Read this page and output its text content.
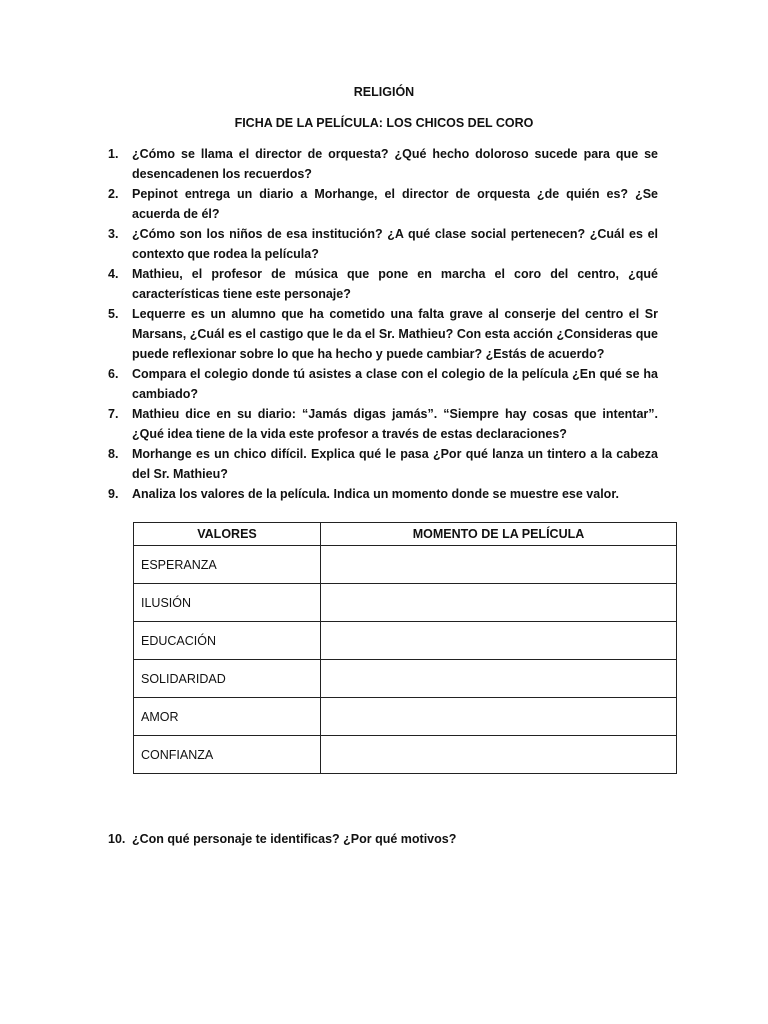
RELIGIÓN
FICHA DE LA PELÍCULA: LOS CHICOS DEL CORO
1. ¿Cómo se llama el director de orquesta? ¿Qué hecho doloroso sucede para que se desencadenen los recuerdos?
2. Pepinot entrega un diario a Morhange, el director de orquesta ¿de quién es? ¿Se acuerda de él?
3. ¿Cómo son los niños de esa institución? ¿A qué clase social pertenecen? ¿Cuál es el contexto que rodea la película?
4. Mathieu, el profesor de música que pone en marcha el coro del centro, ¿qué características tiene este personaje?
5. Lequerre es un alumno que ha cometido una falta grave al conserje del centro el Sr Marsans, ¿Cuál es el castigo que le da el Sr. Mathieu? Con esta acción ¿Consideras que puede reflexionar sobre lo que ha hecho y puede cambiar? ¿Estás de acuerdo?
6. Compara el colegio donde tú asistes a clase con el colegio de la película ¿En qué se ha cambiado?
7. Mathieu dice en su diario: “Jamás digas jamás”. “Siempre hay cosas que intentar”. ¿Qué idea tiene de la vida este profesor a través de estas declaraciones?
8. Morhange es un chico difícil. Explica qué le pasa ¿Por qué lanza un tintero a la cabeza del Sr. Mathieu?
9. Analiza los valores de la película. Indica un momento donde se muestre ese valor.
VALORES	MOMENTO DE LA PELÍCULA
ESPERANZA	
ILUSIÓN	
EDUCACIÓN	
SOLIDARIDAD	
AMOR	
CONFIANZA	
10. ¿Con qué personaje te identificas? ¿Por qué motivos?
